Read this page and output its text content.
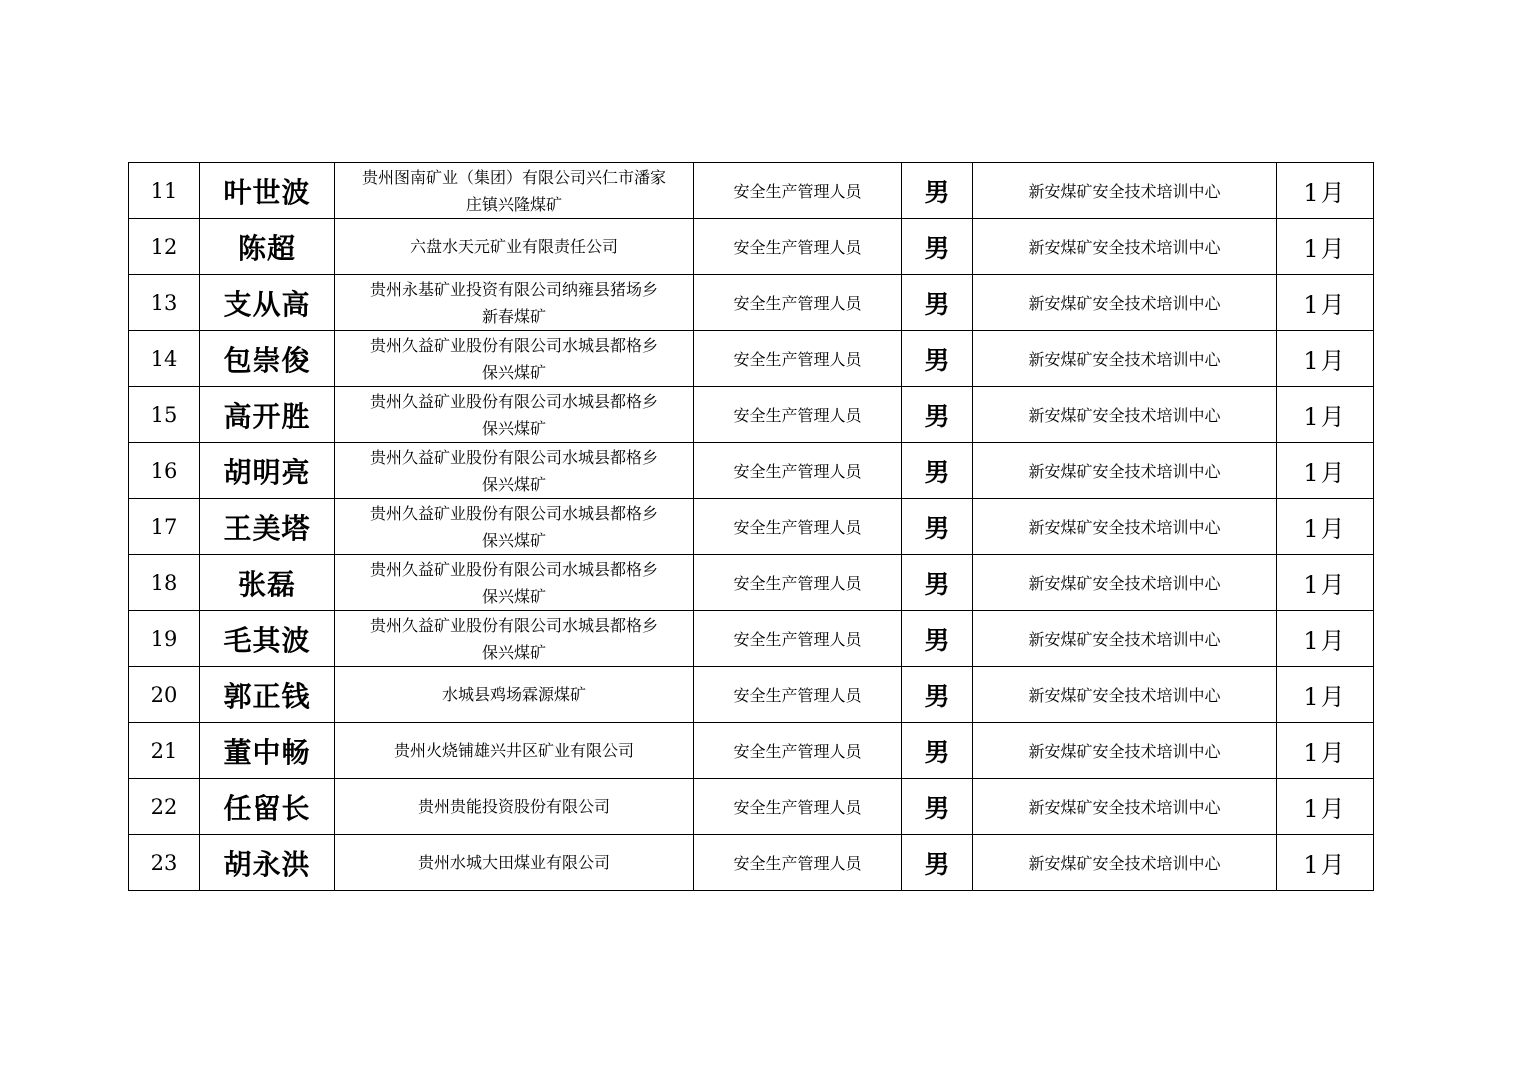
11	叶世波	贵州图南矿业（集团）有限公司兴仁市潘家
庄镇兴隆煤矿	安全生产管理人员	男	新安煤矿安全技术培训中心	1月
12	陈超	六盘水天元矿业有限责任公司	安全生产管理人员	男	新安煤矿安全技术培训中心	1月
13	支从高	贵州永基矿业投资有限公司纳雍县猪场乡
新春煤矿	安全生产管理人员	男	新安煤矿安全技术培训中心	1月
14	包崇俊	贵州久益矿业股份有限公司水城县都格乡
保兴煤矿	安全生产管理人员	男	新安煤矿安全技术培训中心	1月
15	高开胜	贵州久益矿业股份有限公司水城县都格乡
保兴煤矿	安全生产管理人员	男	新安煤矿安全技术培训中心	1月
16	胡明亮	贵州久益矿业股份有限公司水城县都格乡
保兴煤矿	安全生产管理人员	男	新安煤矿安全技术培训中心	1月
17	王美塔	贵州久益矿业股份有限公司水城县都格乡
保兴煤矿	安全生产管理人员	男	新安煤矿安全技术培训中心	1月
18	张磊	贵州久益矿业股份有限公司水城县都格乡
保兴煤矿	安全生产管理人员	男	新安煤矿安全技术培训中心	1月
19	毛其波	贵州久益矿业股份有限公司水城县都格乡
保兴煤矿	安全生产管理人员	男	新安煤矿安全技术培训中心	1月
20	郭正钱	水城县鸡场霖源煤矿	安全生产管理人员	男	新安煤矿安全技术培训中心	1月
21	董中畅	贵州火烧铺雄兴井区矿业有限公司	安全生产管理人员	男	新安煤矿安全技术培训中心	1月
22	任留长	贵州贵能投资股份有限公司	安全生产管理人员	男	新安煤矿安全技术培训中心	1月
23	胡永洪	贵州水城大田煤业有限公司	安全生产管理人员	男	新安煤矿安全技术培训中心	1月
